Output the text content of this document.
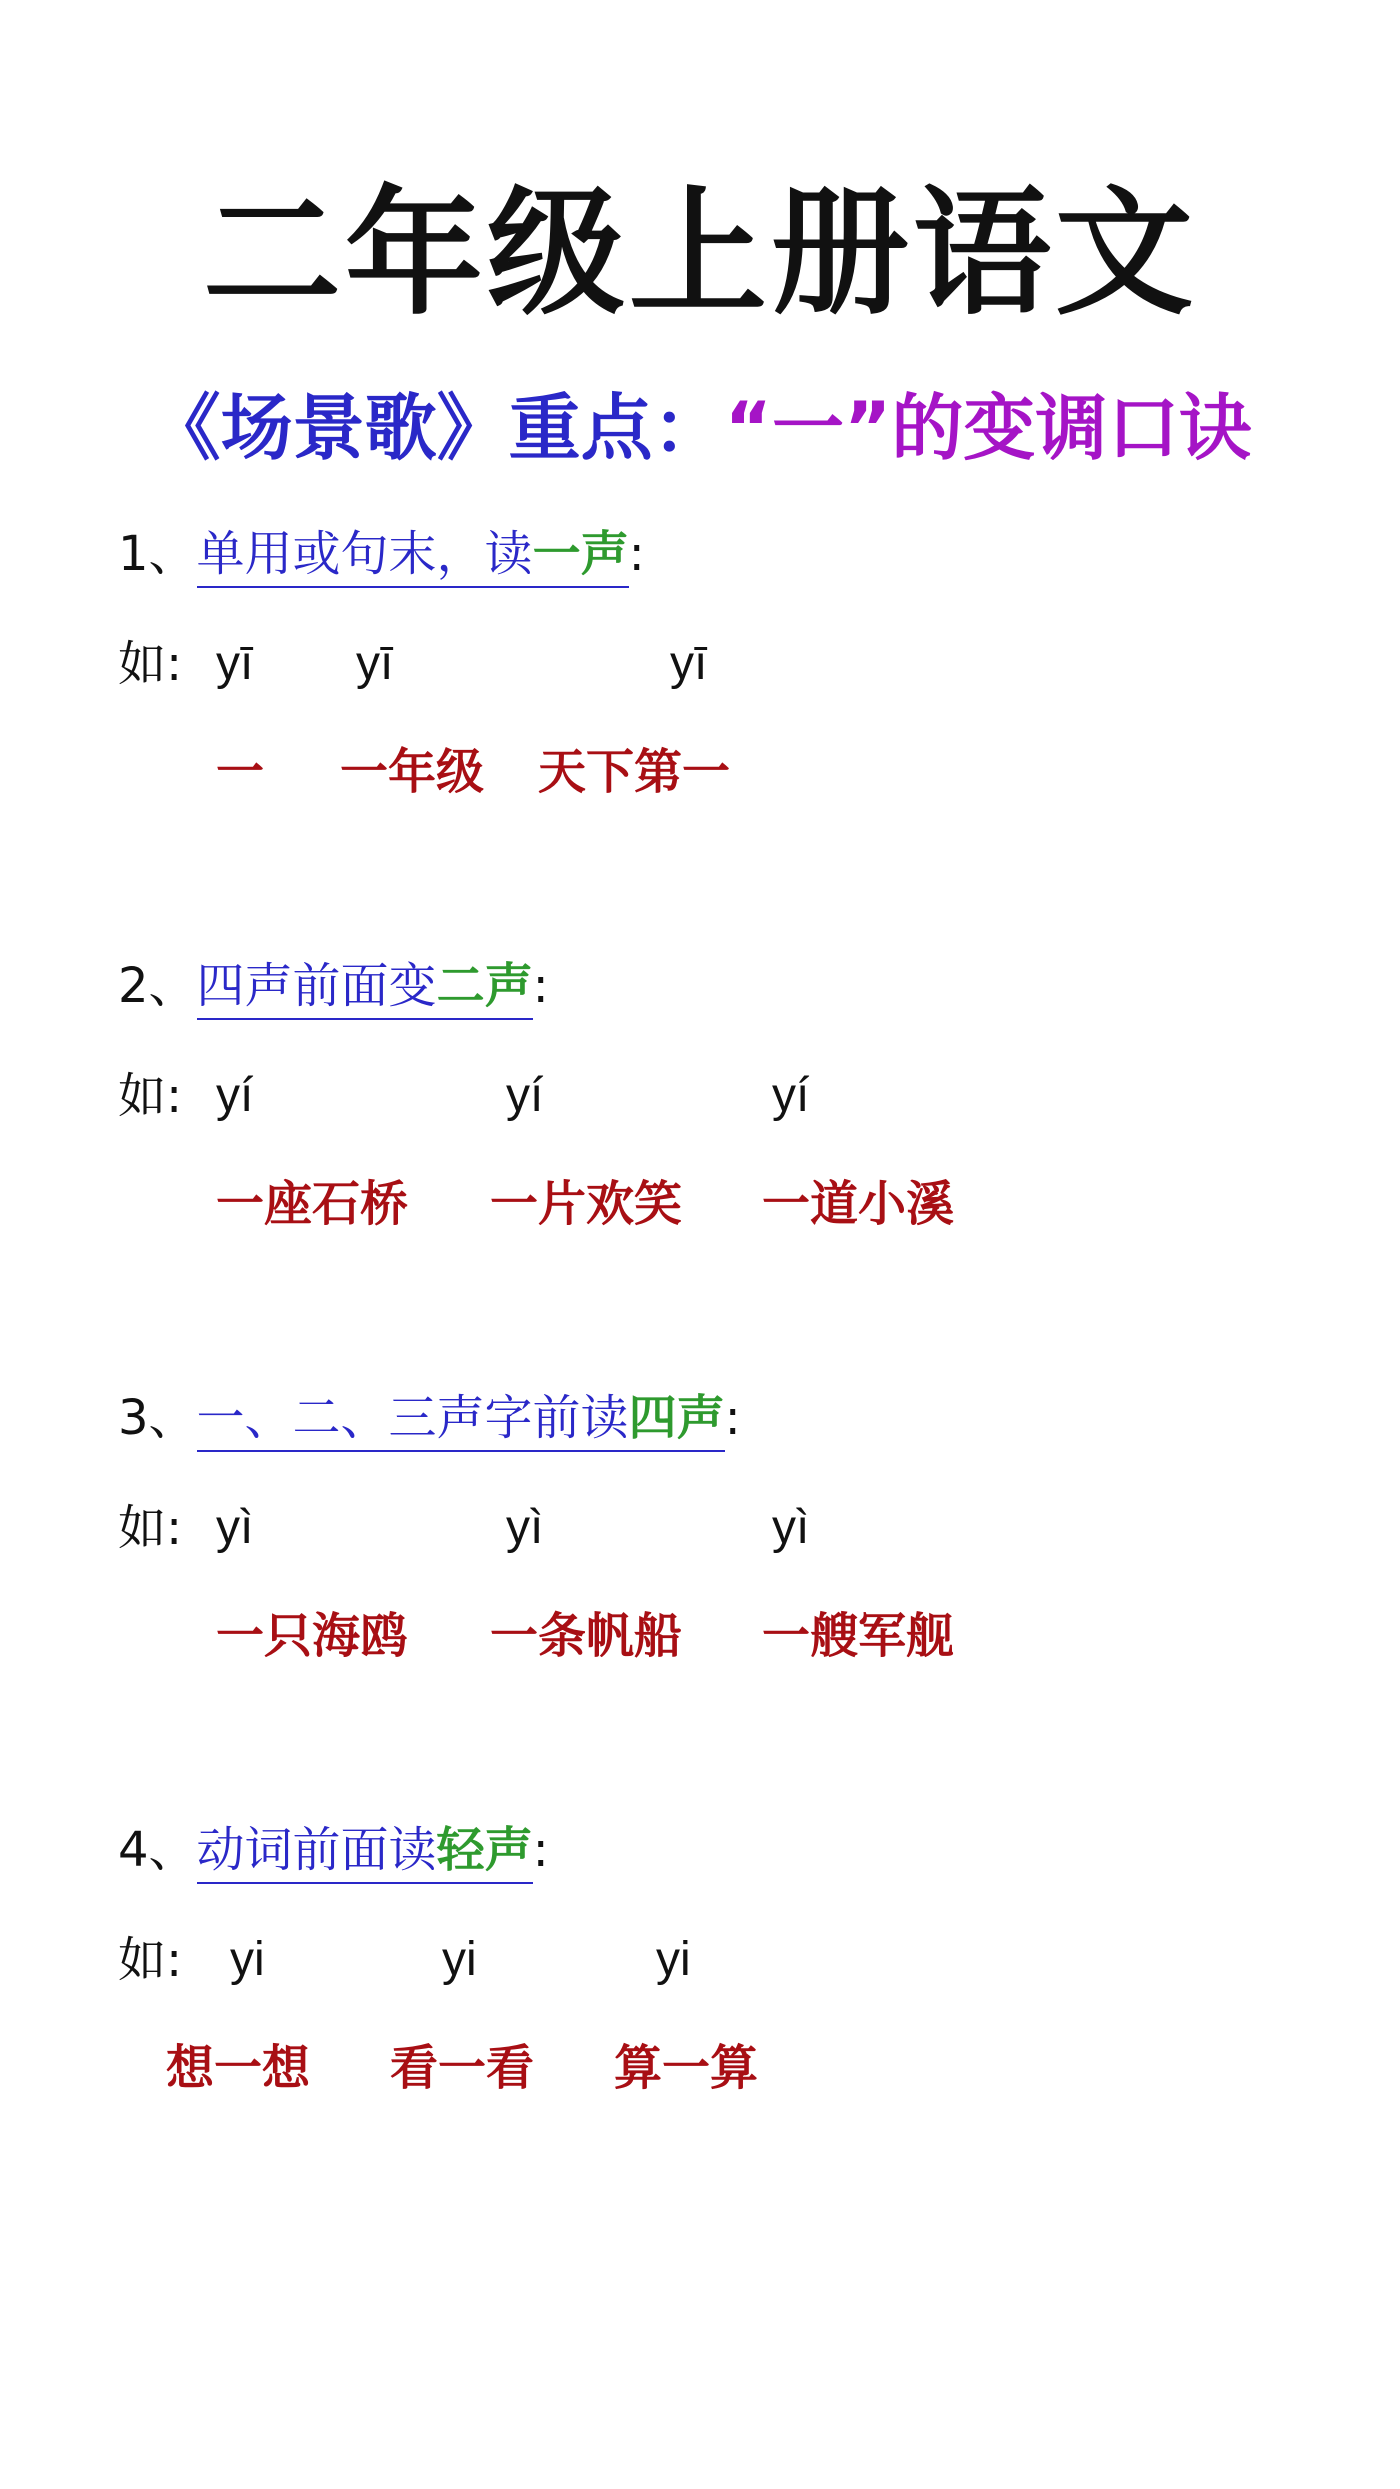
二年级上册语文
《场景歌》重点：“一”的变调口诀
1、单用或句末，读一声:
如: yī yī	yī
一 一年级 天下第一
2、四声前面变二声:
如: yí	yí	yí
一座石桥 一片欢笑 一道小溪
3、一、二、三声字前读四声:
如: yì	yì	yì
一只海鸥 一条帆船 一艘军舰
4、动词前面读轻声:
如: yi	yi	yi
想一想 看一看 算一算
